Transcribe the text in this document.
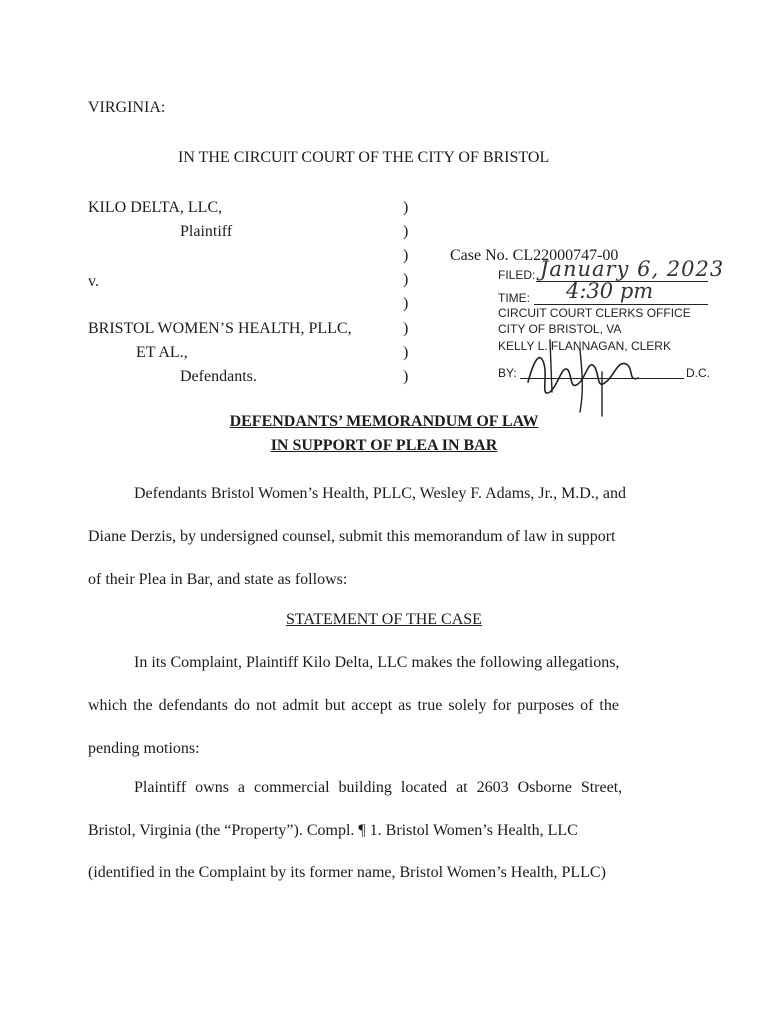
VIRGINIA:
IN THE CIRCUIT COURT OF THE CITY OF BRISTOL
KILO DELTA, LLC,
Plaintiff
v.
BRISTOL WOMEN’S HEALTH, PLLC,
ET AL.,
Defendants.
)
)
)
)
)
)
)
)
Case No. CL22000747-00
FILED: January 6, 2023
TIME: 4:30 pm
CIRCUIT COURT CLERKS OFFICE
CITY OF BRISTOL, VA
KELLY L. FLANNAGAN, CLERK
BY:	D.C.
DEFENDANTS’ MEMORANDUM OF LAW
IN SUPPORT OF PLEA IN BAR
Defendants Bristol Women’s Health, PLLC, Wesley F. Adams, Jr., M.D., and
Diane Derzis, by undersigned counsel, submit this memorandum of law in support
of their Plea in Bar, and state as follows:
STATEMENT OF THE CASE
In its Complaint, Plaintiff Kilo Delta, LLC makes the following allegations,
which the defendants do not admit but accept as true solely for purposes of the
pending motions:
Plaintiff owns a commercial building located at 2603 Osborne Street,
Bristol, Virginia (the “Property”). Compl. ¶ 1. Bristol Women’s Health, LLC
(identified in the Complaint by its former name, Bristol Women’s Health, PLLC)
